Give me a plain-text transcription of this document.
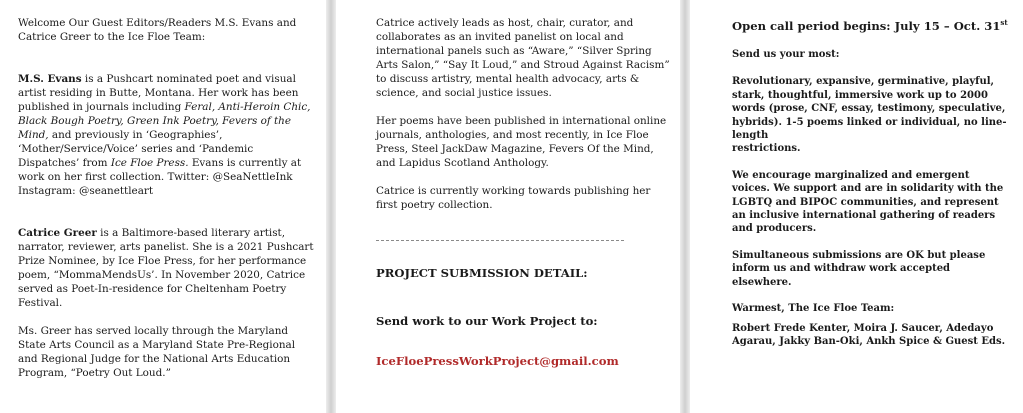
Welcome Our Guest Editors/Readers M.S. Evans and Catrice Greer to the Ice Floe Team:

M.S. Evans is a Pushcart nominated poet and visual artist residing in Butte, Montana. Her work has been published in journals including Feral, Anti-Heroin Chic, Black Bough Poetry, Green Ink Poetry, Fevers of the Mind, and previously in ‘Geographies’, ‘Mother/Service/Voice’ series and ‘Pandemic Dispatches’ from Ice Floe Press. Evans is currently at work on her first collection. Twitter: @SeaNettleInk Instagram: @seanettleart

Catrice Greer is a Baltimore-based literary artist, narrator, reviewer, arts panelist. She is a 2021 Pushcart Prize Nominee, by Ice Floe Press, for her performance poem, “MommaMendsUs’. In November 2020, Catrice served as Poet-In-residence for Cheltenham Poetry Festival.

Ms. Greer has served locally through the Maryland State Arts Council as a Maryland State Pre-Regional and Regional Judge for the National Arts Education Program, “Poetry Out Loud.”

Catrice actively leads as host, chair, curator, and collaborates as an invited panelist on local and international panels such as “Aware,” “Silver Spring Arts Salon,” “Say It Loud,” and Stroud Against Racism” to discuss artistry, mental health advocacy, arts & science, and social justice issues.

Her poems have been published in international online journals, anthologies, and most recently, in Ice Floe Press, Steel JackDaw Magazine, Fevers Of the Mind, and Lapidus Scotland Anthology.

Catrice is currently working towards publishing her first poetry collection.

PROJECT SUBMISSION DETAIL:

Send work to our Work Project to:

IceFloePressWorkProject@gmail.com

Open call period begins: July 15 – Oct. 31st

Send us your most:

Revolutionary, expansive, germinative, playful, stark, thoughtful, immersive work up to 2000 words (prose, CNF, essay, testimony, speculative, hybrids). 1-5 poems linked or individual, no line-length

restrictions.

We encourage marginalized and emergent voices. We support and are in solidarity with the LGBTQ and BIPOC communities, and represent an inclusive international gathering of readers and producers.

Simultaneous submissions are OK but please inform us and withdraw work accepted elsewhere.

Warmest, The Ice Floe Team:

Robert Frede Kenter, Moira J. Saucer, Adedayo Agarau, Jakky Ban-Oki, Ankh Spice & Guest Eds.
